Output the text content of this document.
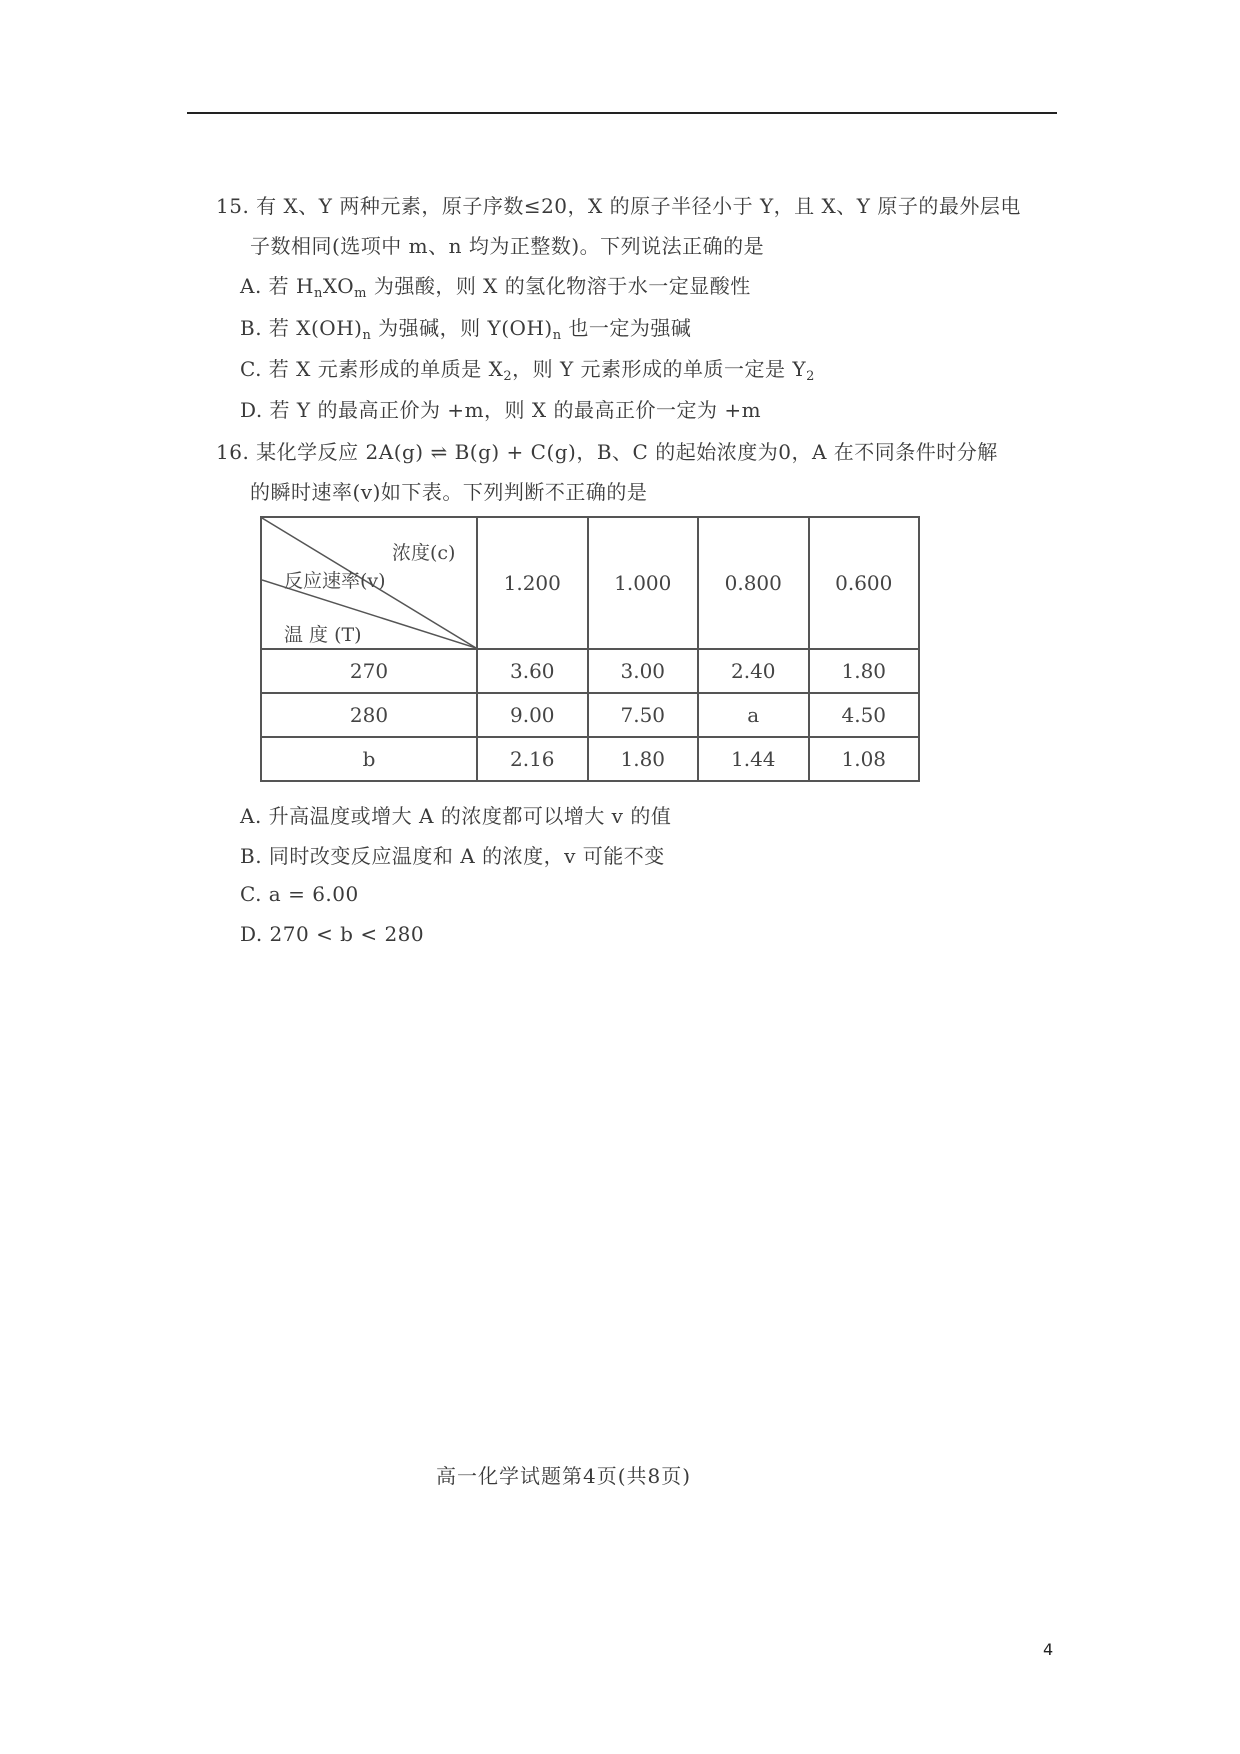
15. 有 X、Y 两种元素，原子序数≤20，X 的原子半径小于 Y，且 X、Y 原子的最外层电
子数相同(选项中 m、n 均为正整数)。下列说法正确的是
A. 若 $H_nXO_m$ 为强酸，则 X 的氢化物溶于水一定显酸性
B. 若 $X(OH)_n$ 为强碱，则 $Y(OH)_n$ 也一定为强碱
C. 若 X 元素形成的单质是 $X_2$，则 Y 元素形成的单质一定是 $Y_2$
D. 若 Y 的最高正价为 +m，则 X 的最高正价一定为 +m
16. 某化学反应 2A(g) ⇌ B(g) + C(g)，B、C 的起始浓度为0，A 在不同条件时分解
的瞬时速率(v)如下表。下列判断不正确的是
浓度(c)
反应速率(v)
温 度 (T)	1.200	1.000	0.800	0.600
270	3.60	3.00	2.40	1.80
280	9.00	7.50	a	4.50
b	2.16	1.80	1.44	1.08
A. 升高温度或增大 A 的浓度都可以增大 v 的值
B. 同时改变反应温度和 A 的浓度，v 可能不变
C. a = 6.00
D. 270 < b < 280
高一化学试题第4页(共8页)
4
